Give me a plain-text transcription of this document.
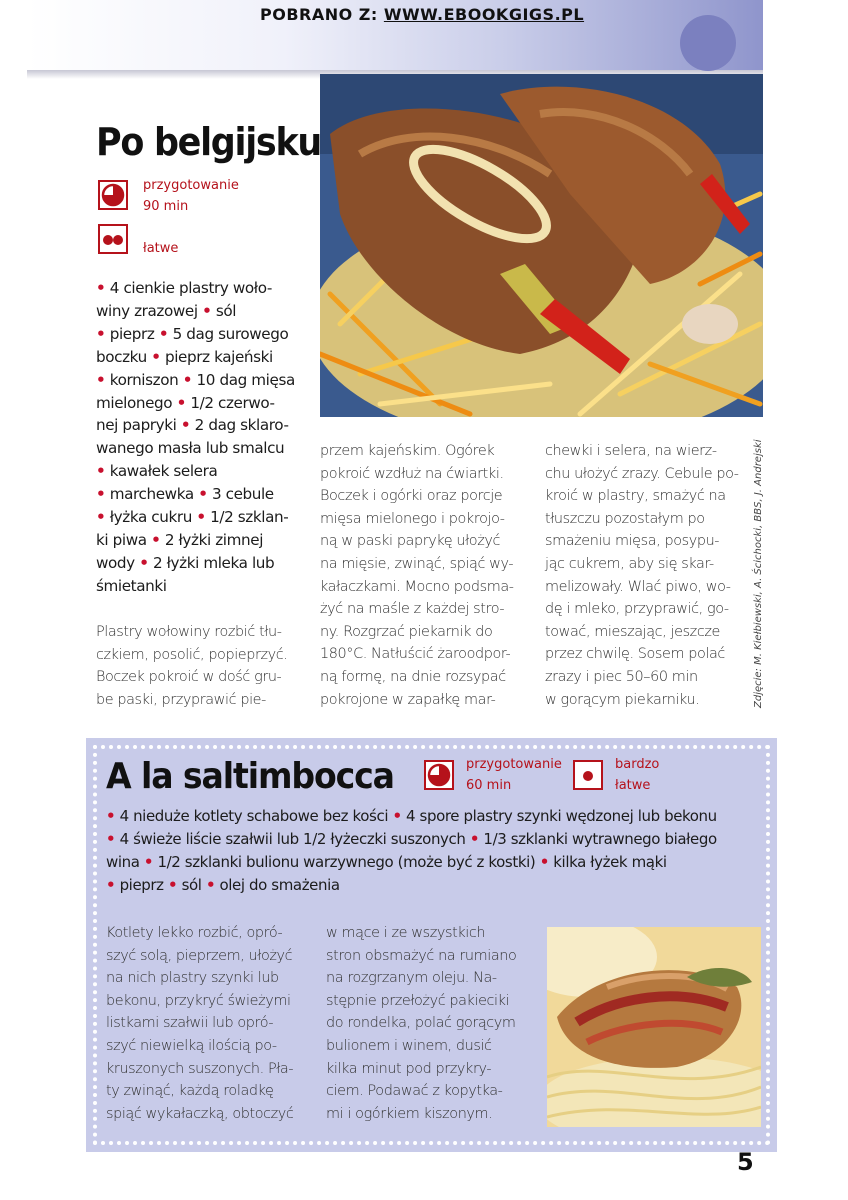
POBRANO Z: WWW.EBOOKGIGS.PL
Po belgijsku
przygotowanie
90 min
łatwe
• 4 cienkie plastry woło-
winy zrazowej • sól
• pieprz • 5 dag surowego
boczku • pieprz kajeński
• korniszon • 10 dag mięsa
mielonego • 1/2 czerwo-
nej papryki • 2 dag sklaro-
wanego masła lub smalcu
• kawałek selera
• marchewka • 3 cebule
• łyżka cukru • 1/2 szklan-
ki piwa • 2 łyżki zimnej
wody • 2 łyżki mleka lub
śmietanki
Plastry wołowiny rozbić tłu-
czkiem, posolić, popieprzyć.
Boczek pokroić w dość gru-
be paski, przyprawić pie-
przem kajeńskim. Ogórek
pokroić wzdłuż na ćwiartki.
Boczek i ogórki oraz porcje
mięsa mielonego i pokrojo-
ną w paski paprykę ułożyć
na mięsie, zwinąć, spiąć wy-
kałaczkami. Mocno podsma-
żyć na maśle z każdej stro-
ny. Rozgrzać piekarnik do
180°C. Natłuścić żaroodpor-
ną formę, na dnie rozsypać
pokrojone w zapałkę mar-
chewki i selera, na wierz-
chu ułożyć zrazy. Cebule po-
kroić w plastry, smażyć na
tłuszczu pozostałym po
smażeniu mięsa, posypu-
jąc cukrem, aby się skar-
melizowały. Wlać piwo, wo-
dę i mleko, przyprawić, go-
tować, mieszając, jeszcze
przez chwilę. Sosem polać
zrazy i piec 50–60 min
w gorącym piekarniku.	Zdjęcie: M. Kiełbiewski, A. Ścichocki, BBS, J. Andrejski
A la saltimbocca	przygotowanie
60 min
bardzo
łatwe
• 4 nieduże kotlety schabowe bez kości • 4 spore plastry szynki wędzonej lub bekonu
• 4 świeże liście szałwii lub 1/2 łyżeczki suszonych • 1/3 szklanki wytrawnego białego
wina • 1/2 szklanki bulionu warzywnego (może być z kostki) • kilka łyżek mąki
• pieprz • sól • olej do smażenia
Kotlety lekko rozbić, opró-
szyć solą, pieprzem, ułożyć
na nich plastry szynki lub
bekonu, przykryć świeżymi
listkami szałwii lub opró-
szyć niewielką ilością po-
kruszonych suszonych. Pła-
ty zwinąć, każdą roladkę
spiąć wykałaczką, obtoczyć
w mące i ze wszystkich
stron obsmażyć na rumiano
na rozgrzanym oleju. Na-
stępnie przełożyć pakieciki
do rondelka, polać gorącym
bulionem i winem, dusić
kilka minut pod przykry-
ciem. Podawać z kopytka-
mi i ogórkiem kiszonym.
5
